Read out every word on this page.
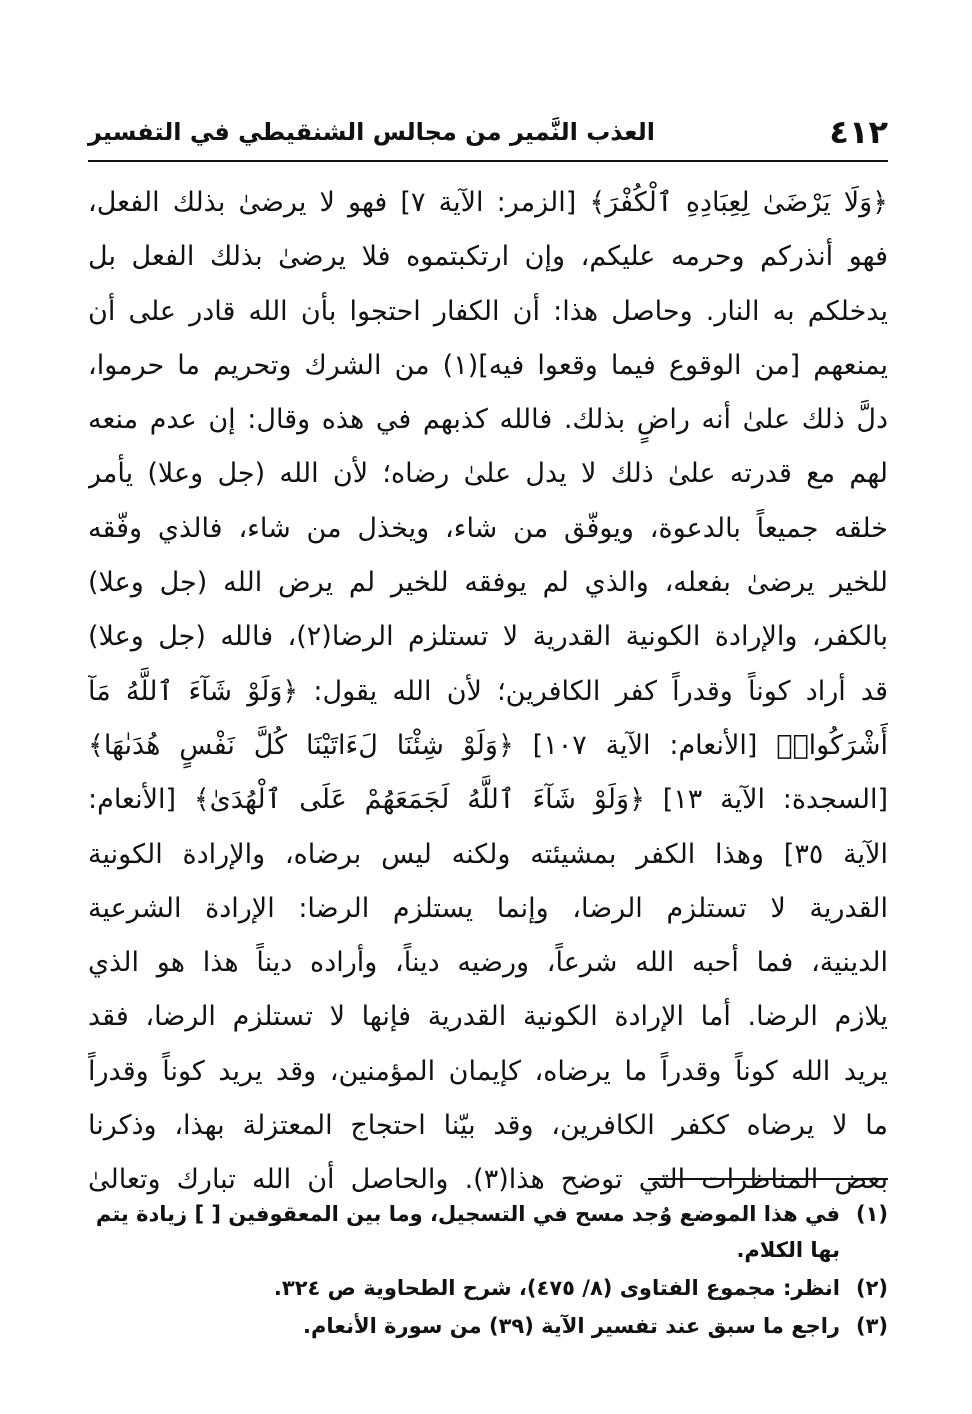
٤١٢
العذب النَّمير من مجالس الشنقيطي في التفسير
﴿وَلَا يَرْضَىٰ لِعِبَادِهِ ٱلْكُفْرَ﴾ [الزمر: الآية ٧] فهو لا يرضىٰ بذلك الفعل،
فهو أنذركم وحرمه عليكم، وإن ارتكبتموه فلا يرضىٰ بذلك الفعل بل
يدخلكم به النار. وحاصل هذا: أن الكفار احتجوا بأن الله قادر على أن
يمنعهم [من الوقوع فيما وقعوا فيه](١) من الشرك وتحريم ما حرموا،
دلَّ ذلك علىٰ أنه راضٍ بذلك. فالله كذبهم في هذه وقال: إن عدم منعه
لهم مع قدرته علىٰ ذلك لا يدل علىٰ رضاه؛ لأن الله (جل وعلا) يأمر
خلقه جميعاً بالدعوة، ويوفّق من شاء، ويخذل من شاء، فالذي وفّقه
للخير يرضىٰ بفعله، والذي لم يوفقه للخير لم يرض الله (جل وعلا)
بالكفر، والإرادة الكونية القدرية لا تستلزم الرضا(٢)، فالله (جل وعلا)
قد أراد كوناً وقدراً كفر الكافرين؛ لأن الله يقول: ﴿وَلَوْ شَآءَ ٱللَّهُ مَآ
أَشْرَكُوا۟﴾ [الأنعام: الآية ١٠٧] ﴿وَلَوْ شِئْنَا لَءَاتَيْنَا كُلَّ نَفْسٍ هُدَىٰهَا﴾
[السجدة: الآية ١٣] ﴿وَلَوْ شَآءَ ٱللَّهُ لَجَمَعَهُمْ عَلَى ٱلْهُدَىٰ﴾ [الأنعام:
الآية ٣٥] وهذا الكفر بمشيئته ولكنه ليس برضاه، والإرادة الكونية
القدرية لا تستلزم الرضا، وإنما يستلزم الرضا: الإرادة الشرعية
الدينية، فما أحبه الله شرعاً، ورضيه ديناً، وأراده ديناً هذا هو الذي
يلازم الرضا. أما الإرادة الكونية القدرية فإنها لا تستلزم الرضا، فقد
يريد الله كوناً وقدراً ما يرضاه، كإيمان المؤمنين، وقد يريد كوناً وقدراً
ما لا يرضاه ككفر الكافرين، وقد بيّنا احتجاج المعتزلة بهذا، وذكرنا
بعض المناظرات التي توضح هذا(٣). والحاصل أن الله تبارك وتعالىٰ
(١)
في هذا الموضع وُجد مسح في التسجيل، وما بين المعقوفين [ ] زيادة يتم بها الكلام.
(٢)
انظر: مجموع الفتاوى (٨/ ٤٧٥)، شرح الطحاوية ص ٣٢٤.
(٣)
راجع ما سبق عند تفسير الآية (٣٩) من سورة الأنعام.
